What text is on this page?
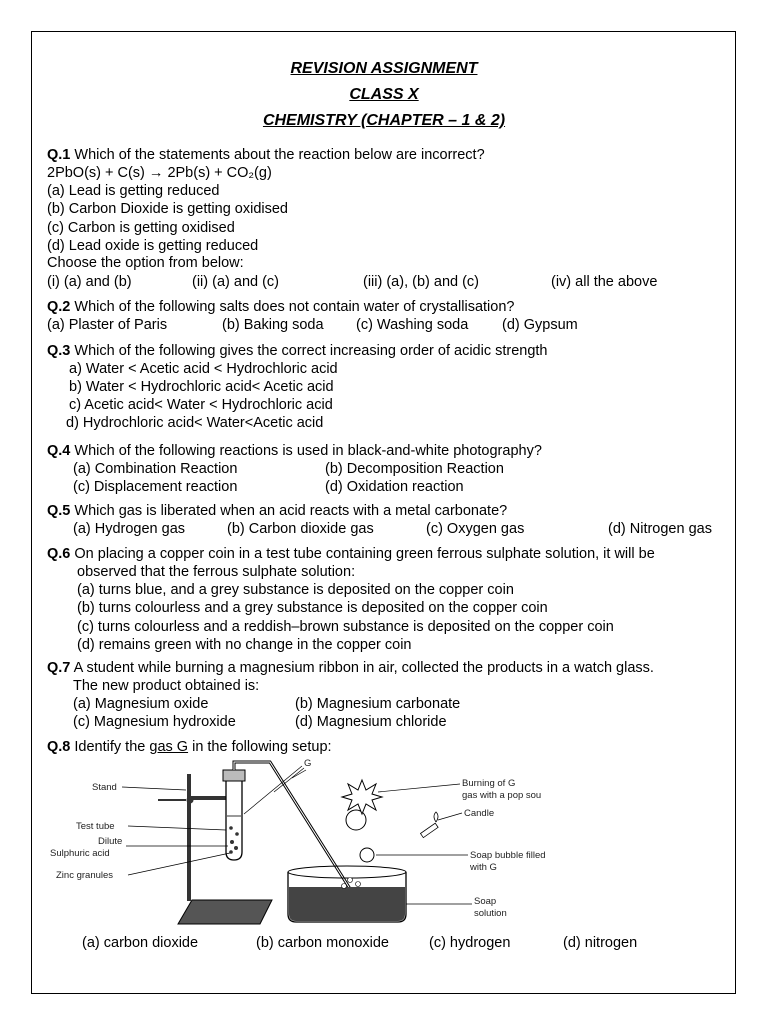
REVISION ASSIGNMENT
CLASS X
CHEMISTRY (CHAPTER – 1 & 2)
Q.1 Which of the statements about the reaction below are incorrect?
2PbO(s) + C(s) → 2Pb(s) + CO₂(g)
(a) Lead is getting reduced
(b) Carbon Dioxide is getting oxidised
(c) Carbon is getting oxidised
(d) Lead oxide is getting reduced
Choose the option from below:
(i) (a) and (b)	(ii) (a) and (c)	(iii) (a), (b) and (c)	(iv) all the above
Q.2 Which of the following salts does not contain water of crystallisation?
(a) Plaster of Paris	(b) Baking soda (c) Washing soda (d) Gypsum
Q.3 Which of the following gives the correct increasing order of acidic strength
a) Water < Acetic acid < Hydrochloric acid
b) Water < Hydrochloric acid< Acetic acid
c) Acetic acid< Water < Hydrochloric acid
d) Hydrochloric acid< Water<Acetic acid
Q.4 Which of the following reactions is used in black-and-white photography?
(a) Combination Reaction	(b) Decomposition Reaction
(c) Displacement reaction	(d) Oxidation reaction
Q.5 Which gas is liberated when an acid reacts with a metal carbonate?
(a) Hydrogen gas	(b) Carbon dioxide gas	(c) Oxygen gas	(d) Nitrogen gas
Q.6 On placing a copper coin in a test tube containing green ferrous sulphate solution, it will be
observed that the ferrous sulphate solution:
(a) turns blue, and a grey substance is deposited on the copper coin
(b) turns colourless and a grey substance is deposited on the copper coin
(c) turns colourless and a reddish–brown substance is deposited on the copper coin
(d) remains green with no change in the copper coin
Q.7 A student while burning a magnesium ribbon in air, collected the products in a watch glass.
The new product obtained is:
(a) Magnesium oxide	(b) Magnesium carbonate
(c) Magnesium hydroxide	(d) Magnesium chloride
Q.8 Identify the gas G in the following setup:
Stand
Test tube
Dilute
Sulphuric acid
Zinc granules
G
Burning of G
gas with a pop sou
Candle
Soap bubble filled
with G
Soap
solution
(a) carbon dioxide	(b) carbon monoxide	(c) hydrogen	(d) nitrogen
